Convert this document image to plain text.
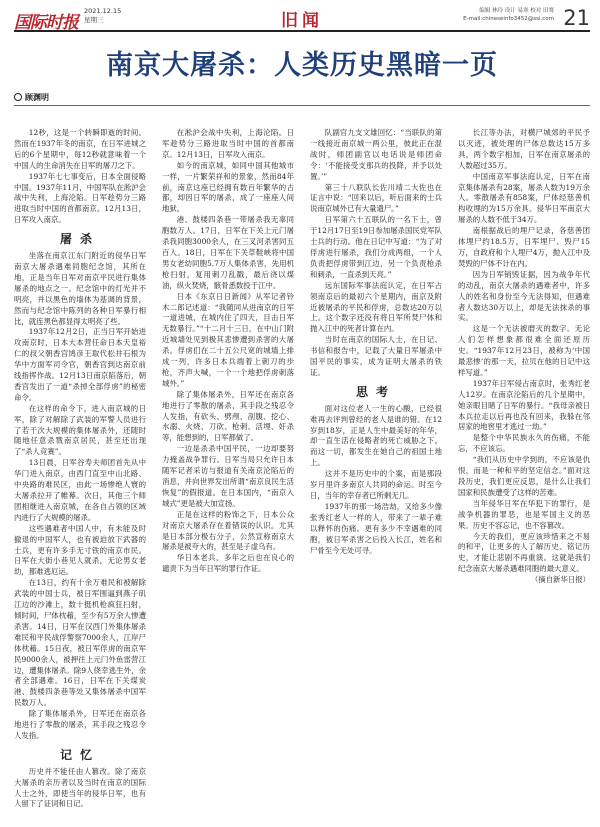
国际时报
2021.12.15
星期三	旧闻	编辑 林玲 设计 易寒 校对 田骞
E-mail:chineseinfo3452@ssi.com 21
南京大屠杀：人类历史黑暗一页
顾渊明

12秒，这是一个转瞬即逝的时间。然而在1937年冬的南京，在日军进城之后的6个星期中，每12秒就意味着一个中国人的生命消失在日军的屠刀之下。

1937年七七事变后，日本全面侵略中国。1937年11月，中国军队在淞沪会战中失利，上海沦陷。日军趁势分三路进取当时中国的首都南京。12月13日，日军攻入南京。

屠杀

坐落在南京江东门附近的侵华日军南京大屠杀遇难同胞纪念馆，其所在地，正是当年日军对南京平民进行集体屠杀的地点之一。纪念馆中的灯光并不明亮，并以黑色的墙体为基调的背景，然而与纪念馆中陈列的各种日军暴行相比，就连黑色都显得太明亮了些。

1937年12月2日，正当日军开始进攻南京时，日本大本营任命日本天皇裕仁的叔父朝香宫鸠彦王取代松井石根为华中方面军司令官，朝香宫到达南京前线指挥作战。12月13日南京陷落后，朝香宫发出了一道“杀掉全部俘虏”的秘密命令。

在这样的命令下，进入南京城的日军，除了对解除了武装的军警人员进行了若干次大规模的集体屠杀外，还随时随地任意杀戮南京居民，甚至还出现了“杀人竞赛”。

13日晨，日军谷寿夫师团首先从中华门进入南京，由西门直至中山北路、中央路的难民区，由此一场惨绝人寰的大屠杀拉开了帷幕。次日，其他三个师团相继进入南京城，在各自占领的区域内进行了大规模的屠杀。

这些遇难者中国人中，有未能及时撤退的中国军人，也有被迫放下武器的士兵，更有许多手无寸铁的南京市民。日军在大街小巷见人就杀，无论男女老幼，都难逃厄运。

在13日，约有十余万难民和被解除武装的中国士兵，被日军围逼到燕子矶江边的沙滩上，数十挺机枪疯狂扫射，倾时间，尸体枕藉，至少有5万余人惨遭杀害。14日，日军在汉西门外集体屠杀难民和平民战俘警察7000余人，江岸尸体枕藉。15日夜，被日军俘虏的南京军民9000余人，被押往上元门外鱼雷营江边，遭集体屠杀。除9人侥幸逃生外，余者全部遇难。16日，日军在下关煤炭港、鼓楼四条巷等处又集体屠杀中国军民数万人。

除了集体屠杀外，日军还在南京各地进行了零散的屠杀，其手段之残忍令人发指。

记忆

历史并不能任由人篡改。除了南京大屠杀的亲历者以及当时在南京的国际人士之外，即使当年的侵华日军，也有人留下了证词和日记。

在淞沪会战中失利，上海沦陷。日军趁势分三路进取当时中国的首都南京。12月13日，日军攻入南京。

如今的南京城，如同中国其他城市一样，一片繁荣祥和的景象，然而84年前，南京这座已经拥有数百年繁华的古都，却因日军的屠杀，成了一座座人间地狱。

港、鼓楼四条巷一带屠杀我无辜同胞数万人。17日，日军在下关上元门屠杀我同胞3000余人，在三叉河杀害同五百人。18日，日军在下关草鞋峡将中国男女老幼同胞5.7万人集体杀害，先用机枪扫射，复用刺刀乱戳，最后浇以煤油，纵火焚烧，骸骨悉数投于江中。

日本《东京日日新闻》从军记者铃木二郎记述道：“我随同从进南京的日军一道进城，在城内住了四天，目击日军无数暴行。”“十二月十三日，在中山门附近城墙处见到极其悲惨遭到杀害的大屠杀。俘虏们在二十五公尺宽的城墙上排成一列，许多日本兵端着上刺刀的步枪，齐声大喊，一个一个地把俘虏刺落城外。”

除了集体屠杀外，日军还在南京各地进行了零散的屠杀，其手段之残忍令人发指，有砍头、劈颅、剖腹、挖心、水溺、火烧、刀砍、枪刺、活埋、奸杀等，能想到的，日军都做了。

一边是杀杀中国平民，一边却要努力掩盖战争罪行。日军当局只允许日本随军记者采访与报道有关南京沦陷后的消息，并向世界发出所谓“南京良民生活恢复”的假报道。在日本国内，“南京入城式”更是被大加宣扬。

正是在这样的粉饰之下，日本公众对南京大屠杀存在着错误的认识。尤其是日本部分极右分子，公然宣称南京大屠杀是被夸大的，甚至是子虚乌有。

华日本老兵，多年之后也在良心的谴责下为当年日军的罪行作证。

队副官九支文雄回忆：“当联队的第一线接近南京城一两公里，彼此正在混战时，师团副官以电话说是师团命令：‘不能接受支那兵的投降，并予以处置。’”

第三十八联队长佐川靖二大佐也在证言中说：“回来以后，听后面来的士兵说南京城外已有大量遗尸。”

日军第六十五联队的一名下士，曾于12月17日至19日参加屠杀国民党军队士兵的行动。他在日记中写道：“为了对俘虏进行屠杀，我们分成两组，一个人负责把俘虏带到江边，另一个负责枪杀和刺杀，一直杀到天亮。”

远东国际军事法庭认定，在日军占领南京后的最初六个星期内，南京及附近被屠杀的平民和俘虏，总数达20万以上。这个数字还没有将日军所焚尸体和抛入江中的死者计算在内。

当时在南京的国际人士，在日记、书信和报告中，记载了大量日军屠杀中国平民的事实，成为证明大屠杀的铁证。

思考

面对这位老人一生的心酸，已经很难再去评判曾经的老人是谁的错。在12岁到18岁，正是人生中最美好的年华，却一直生活在侵略者的死亡威胁之下。而这一切，都发生在她自己的祖国土地上。

这并不是历史中的个案，而是那段岁月里许多南京人共同的命运。时至今日，当年的幸存者已所剩无几。

1937年的那一场浩劫，又给多少像张秀红老人一样的人，带来了一辈子难以释怀的伤痛。更有多少不幸遇难的同胞，被日军杀害之后投入长江，姓名和尸骨至今无处可寻。

长江等办法，对横尸城郊的平民予以灭迹，被处理的尸体总数达15万多具，两个数字相加，日军在南京屠杀的人数超过35万。

中国南京军事法庭认定，日军在南京集体屠杀有28案，屠杀人数为19万余人。零散屠杀有858案，尸体经慈善机构收埋的为15万余具。侵华日军南京大屠杀的人数不低于34万。

南根据战后的埋尸记录，各慈善团体埋尸约18.5万，日军埋尸、毁尸15万，自政府和个人埋尸4万，抛入江中及焚毁的尸体不计在内。

因为日军销毁证据，因为战争年代的动乱，南京大屠杀的遇难者中，许多人的姓名和身份至今无法得知，但遇难者人数达30万以上，却是无法抹杀的事实。

这是一个无法被磨灭的数字。无论人们怎样想象都很难全面还原历史。“1937年12月23日，被称为‘中国最悲惨’的那一天，拉贝在他的日记中这样写道。”

1937年日军侵占南京时，张秀红老人12岁。在南京沦陷后的几个星期中，她亲眼目睹了日军的暴行。“我母亲被日本兵拉走以后再也没有回来，我躲在邻居家的地窖里才逃过一劫。”

是整个中华民族永久的伤痛，不能忘，不应该忘。

“我们从历史中学到的，不应该是仇恨，而是一种和平的坚定信念。”面对这段历史，我们更应反思，是什么让我们国家和民族遭受了这样的苦难。

当年侵华日军在华犯下的罪行，是战争机器的罪恶，也是军国主义的恶果。历史不容忘记，也不容篡改。

今天的我们，更应该珍惜来之不易的和平，让更多的人了解历史、铭记历史，才能让悲剧不再重演。这就是我们纪念南京大屠杀遇难同胞的最大意义。

（摘自新华日报）
